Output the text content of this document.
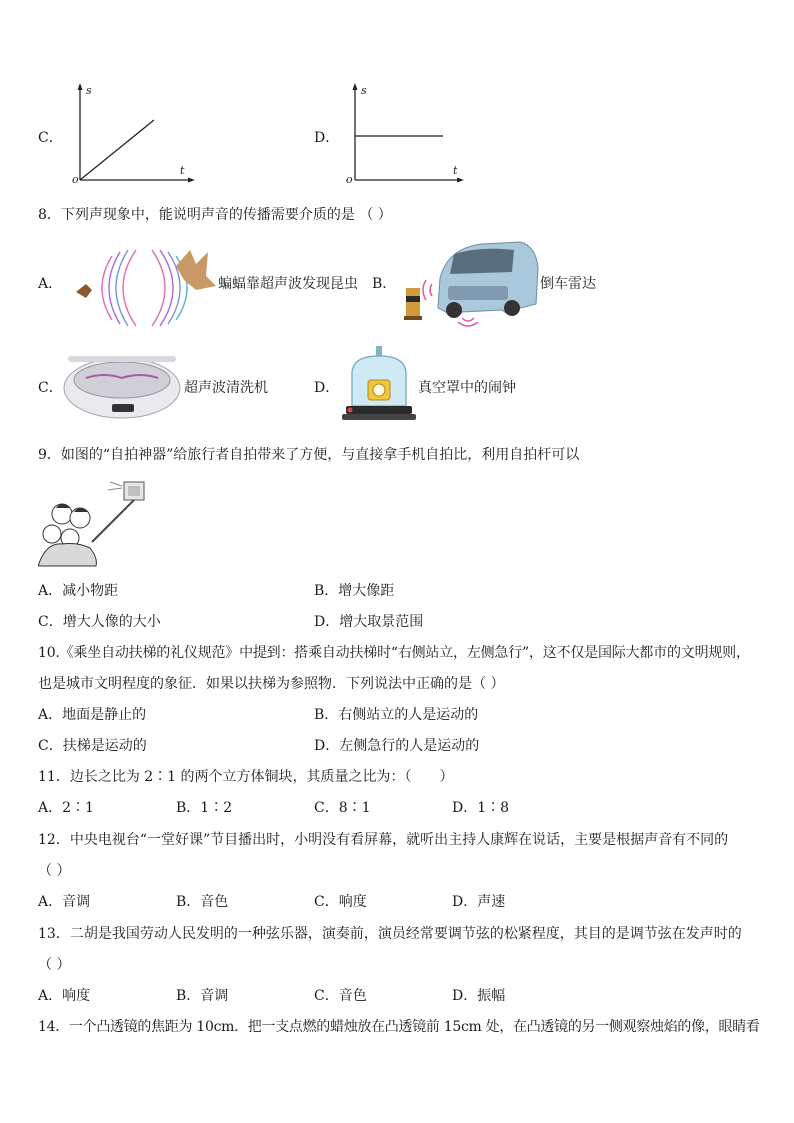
C．
s
t
o
D．
s
t
o
8．下列声现象中，能说明声音的传播需要介质的是 （ ）
A．	蝙蝠靠超声波发现昆虫 B．	倒车雷达
C．	超声波清洗机	D．	真空罩中的闹钟
9．如图的“自拍神器”给旅行者自拍带来了方便，与直接拿手机自拍比，利用自拍杆可以
A．减小物距	B．增大像距
C．增大人像的大小	D．增大取景范围
10.《乘坐自动扶梯的礼仪规范》中提到：搭乘自动扶梯时“右侧站立，左侧急行”，这不仅是国际大都市的文明规则，
也是城市文明程度的象征．如果以扶梯为参照物．下列说法中正确的是（ ）
A．地面是静止的	B．右侧站立的人是运动的
C．扶梯是运动的	D．左侧急行的人是运动的
11．边长之比为 2∶1 的两个立方体铜块，其质量之比为：（　　）
A．2∶1	B．1∶2	C．8∶1	D．1∶8
12．中央电视台“一堂好课”节目播出时，小明没有看屏幕，就听出主持人康辉在说话，主要是根据声音有不同的
（ ）
A．音调	B．音色	C．响度	D．声速
13．二胡是我国劳动人民发明的一种弦乐器，演奏前，演员经常要调节弦的松紧程度，其目的是调节弦在发声时的
（ ）
A．响度	B．音调	C．音色	D．振幅
14．一个凸透镜的焦距为 10cm．把一支点燃的蜡烛放在凸透镜前 15cm 处，在凸透镜的另一侧观察烛焰的像，眼睛看
